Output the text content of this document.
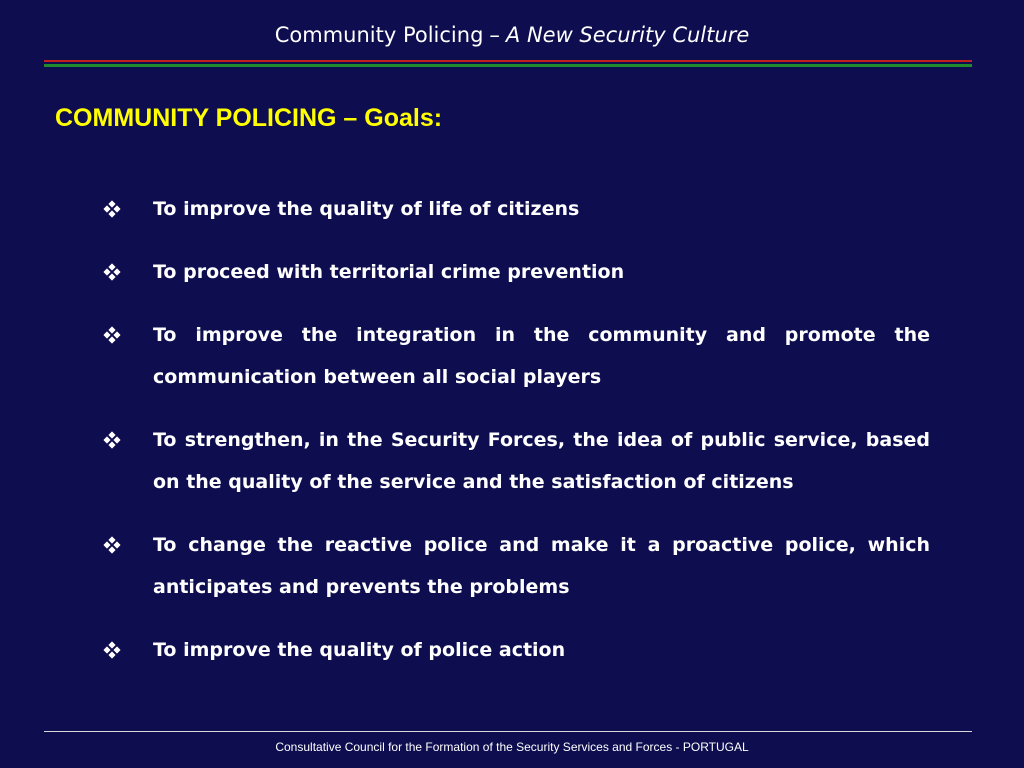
Community Policing – A New Security Culture
COMMUNITY POLICING – Goals:
To improve the quality of life of citizens
To proceed with territorial crime prevention
To improve the integration in the community and promote the communication between all social players
To strengthen, in the Security Forces, the idea of public service, based on the quality of the service and the satisfaction of citizens
To change the reactive police and make it a proactive police, which anticipates and prevents the problems
To improve the quality of police action
Consultative Council for the Formation of the Security Services and Forces - PORTUGAL
